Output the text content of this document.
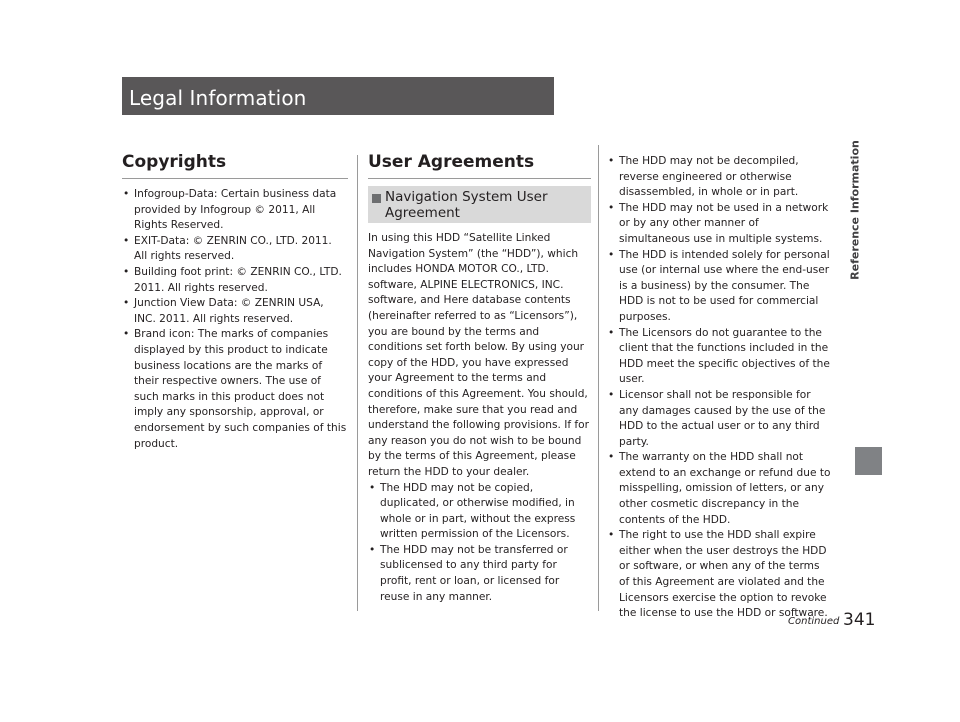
Legal Information
Reference Information
Copyrights
• Infogroup-Data: Certain business data provided by Infogroup © 2011, All Rights Reserved.
• EXIT-Data: © ZENRIN CO., LTD. 2011. All rights reserved.
• Building foot print: © ZENRIN CO., LTD. 2011. All rights reserved.
• Junction View Data: © ZENRIN USA, INC. 2011. All rights reserved.
• Brand icon: The marks of companies displayed by this product to indicate business locations are the marks of their respective owners. The use of such marks in this product does not imply any sponsorship, approval, or endorsement by such companies of this product.
User Agreements
Navigation System User Agreement

In using this HDD “Satellite Linked Navigation System” (the “HDD”), which includes HONDA MOTOR CO., LTD. software, ALPINE ELECTRONICS, INC. software, and Here database contents (hereinafter referred to as “Licensors”), you are bound by the terms and conditions set forth below. By using your copy of the HDD, you have expressed your Agreement to the terms and conditions of this Agreement. You should, therefore, make sure that you read and understand the following provisions. If for any reason you do not wish to be bound by the terms of this Agreement, please return the HDD to your dealer.

• The HDD may not be copied, duplicated, or otherwise modified, in whole or in part, without the express written permission of the Licensors.
• The HDD may not be transferred or sublicensed to any third party for profit, rent or loan, or licensed for reuse in any manner.
• The HDD may not be decompiled, reverse engineered or otherwise disassembled, in whole or in part.
• The HDD may not be used in a network or by any other manner of simultaneous use in multiple systems.
• The HDD is intended solely for personal use (or internal use where the end-user is a business) by the consumer. The HDD is not to be used for commercial purposes.
• The Licensors do not guarantee to the client that the functions included in the HDD meet the specific objectives of the user.
• Licensor shall not be responsible for any damages caused by the use of the HDD to the actual user or to any third party.
• The warranty on the HDD shall not extend to an exchange or refund due to misspelling, omission of letters, or any other cosmetic discrepancy in the contents of the HDD.
• The right to use the HDD shall expire either when the user destroys the HDD or software, or when any of the terms of this Agreement are violated and the Licensors exercise the option to revoke the license to use the HDD or software.
Continued 341
